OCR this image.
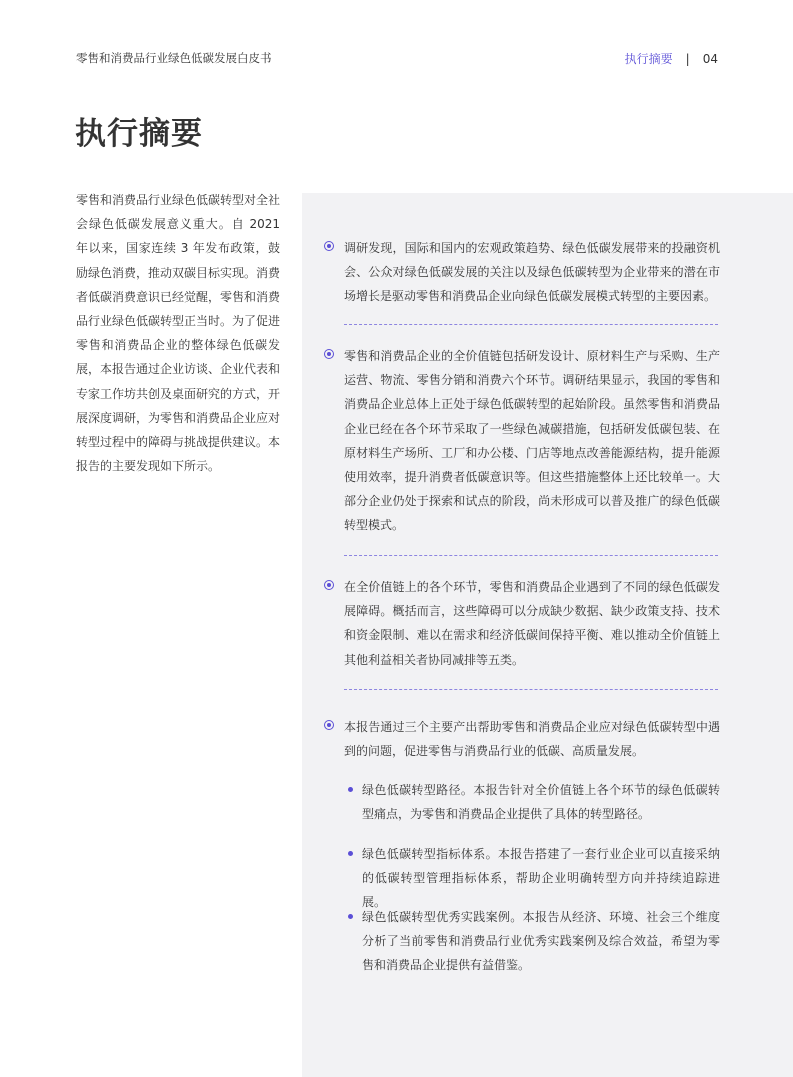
零售和消费品行业绿色低碳发展白皮书	执行摘要 | 04
执行摘要

零售和消费品行业绿色低碳转型对全社会绿色低碳发展意义重大。自 2021 年以来，国家连续 3 年发布政策，鼓励绿色消费，推动双碳目标实现。消费者低碳消费意识已经觉醒，零售和消费品行业绿色低碳转型正当时。为了促进零售和消费品企业的整体绿色低碳发展，本报告通过企业访谈、企业代表和专家工作坊共创及桌面研究的方式，开展深度调研，为零售和消费品企业应对转型过程中的障碍与挑战提供建议。本报告的主要发现如下所示。

调研发现，国际和国内的宏观政策趋势、绿色低碳发展带来的投融资机会、公众对绿色低碳发展的关注以及绿色低碳转型为企业带来的潜在市场增长是驱动零售和消费品企业向绿色低碳发展模式转型的主要因素。
零售和消费品企业的全价值链包括研发设计、原材料生产与采购、生产运营、物流、零售分销和消费六个环节。调研结果显示，我国的零售和消费品企业总体上正处于绿色低碳转型的起始阶段。虽然零售和消费品企业已经在各个环节采取了一些绿色减碳措施，包括研发低碳包装、在原材料生产场所、工厂和办公楼、门店等地点改善能源结构，提升能源使用效率，提升消费者低碳意识等。但这些措施整体上还比较单一。大部分企业仍处于探索和试点的阶段，尚未形成可以普及推广的绿色低碳转型模式。
在全价值链上的各个环节，零售和消费品企业遇到了不同的绿色低碳发展障碍。概括而言，这些障碍可以分成缺少数据、缺少政策支持、技术和资金限制、难以在需求和经济低碳间保持平衡、难以推动全价值链上其他利益相关者协同减排等五类。
本报告通过三个主要产出帮助零售和消费品企业应对绿色低碳转型中遇到的问题，促进零售与消费品行业的低碳、高质量发展。
绿色低碳转型路径。本报告针对全价值链上各个环节的绿色低碳转型痛点，为零售和消费品企业提供了具体的转型路径。
绿色低碳转型指标体系。本报告搭建了一套行业企业可以直接采纳的低碳转型管理指标体系，帮助企业明确转型方向并持续追踪进展。
绿色低碳转型优秀实践案例。本报告从经济、环境、社会三个维度分析了当前零售和消费品行业优秀实践案例及综合效益，希望为零售和消费品企业提供有益借鉴。
